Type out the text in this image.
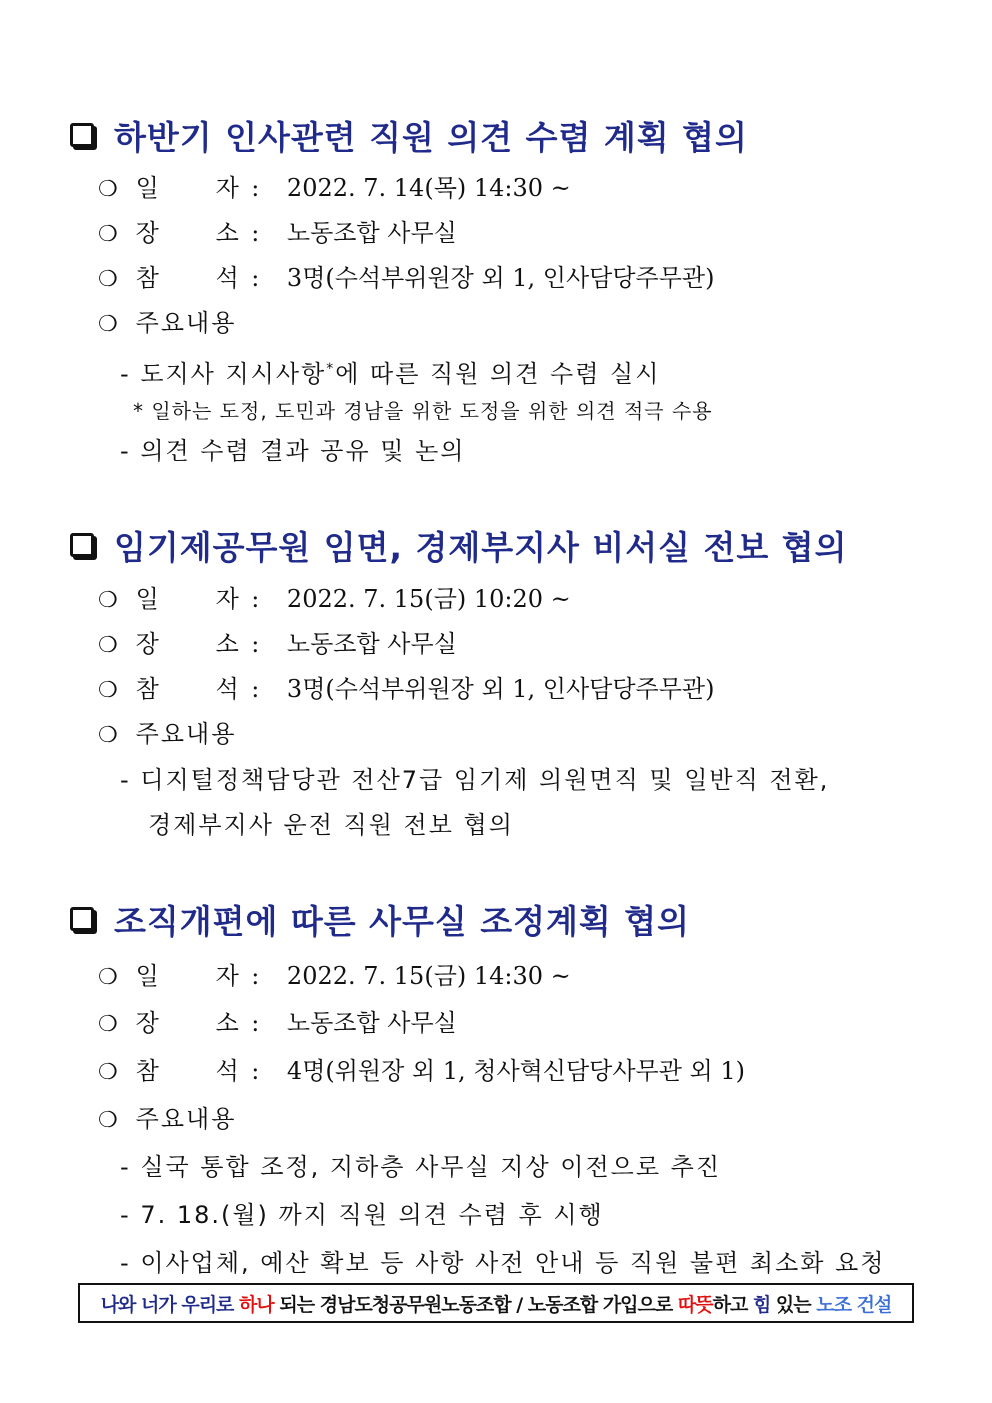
하반기 인사관련 직원 의견 수렴 계획 협의
❍ 일 자 : 2022. 7. 14(목) 14:30 ~
❍ 장 소 : 노동조합 사무실
❍ 참 석 : 3명(수석부위원장 외 1, 인사담당주무관)
❍ 주요내용
- 도지사 지시사항*에 따른 직원 의견 수렴 실시
* 일하는 도정, 도민과 경남을 위한 도정을 위한 의견 적극 수용
- 의견 수렴 결과 공유 및 논의
임기제공무원 임면, 경제부지사 비서실 전보 협의
❍ 일 자 : 2022. 7. 15(금) 10:20 ~
❍ 장 소 : 노동조합 사무실
❍ 참 석 : 3명(수석부위원장 외 1, 인사담당주무관)
❍ 주요내용
- 디지털정책담당관 전산7급 임기제 의원면직 및 일반직 전환,
경제부지사 운전 직원 전보 협의
조직개편에 따른 사무실 조정계획 협의
❍ 일 자 : 2022. 7. 15(금) 14:30 ~
❍ 장 소 : 노동조합 사무실
❍ 참 석 : 4명(위원장 외 1, 청사혁신담당사무관 외 1)
❍ 주요내용
- 실국 통합 조정, 지하층 사무실 지상 이전으로 추진
- 7. 18.(월) 까지 직원 의견 수렴 후 시행
- 이사업체, 예산 확보 등 사항 사전 안내 등 직원 불편 최소화 요청
나와 너가 우리로
하나
되는
경남도청공무원노동조합 / 노동조합 가입으로
따뜻 하고
힘
있는
노조 건설
